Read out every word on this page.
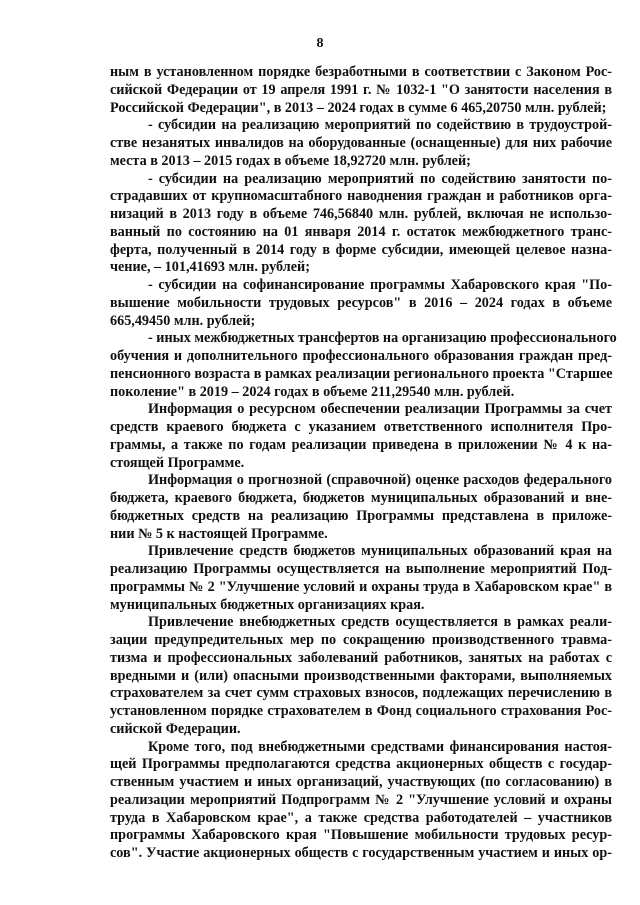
8
ным в установленном порядке безработными в соответствии с Законом Рос-
сийской Федерации от 19 апреля 1991 г. № 1032-1 "О занятости населения в
Российской Федерации", в 2013 – 2024 годах в сумме 6 465,20750 млн. рублей;
- субсидии на реализацию мероприятий по содействию в трудоустрой-
стве незанятых инвалидов на оборудованные (оснащенные) для них рабочие
места в 2013 – 2015 годах в объеме 18,92720 млн. рублей;
- субсидии на реализацию мероприятий по содействию занятости по-
страдавших от крупномасштабного наводнения граждан и работников орга-
низаций в 2013 году в объеме 746,56840 млн. рублей, включая не использо-
ванный по состоянию на 01 января 2014 г. остаток межбюджетного транс-
ферта, полученный в 2014 году в форме субсидии, имеющей целевое назна-
чение, – 101,41693 млн. рублей;
- субсидии на софинансирование программы Хабаровского края "По-
вышение мобильности трудовых ресурсов" в 2016 – 2024 годах в объеме
665,49450 млн. рублей;
- иных межбюджетных трансфертов на организацию профессионального
обучения и дополнительного профессионального образования граждан пред-
пенсионного возраста в рамках реализации регионального проекта "Старшее
поколение" в 2019 – 2024 годах в объеме 211,29540 млн. рублей.
Информация о ресурсном обеспечении реализации Программы за счет
средств краевого бюджета с указанием ответственного исполнителя Про-
граммы, а также по годам реализации приведена в приложении № 4 к на-
стоящей Программе.
Информация о прогнозной (справочной) оценке расходов федерального
бюджета, краевого бюджета, бюджетов муниципальных образований и вне-
бюджетных средств на реализацию Программы представлена в приложе-
нии № 5 к настоящей Программе.
Привлечение средств бюджетов муниципальных образований края на
реализацию Программы осуществляется на выполнение мероприятий Под-
программы № 2 "Улучшение условий и охраны труда в Хабаровском крае" в
муниципальных бюджетных организациях края.
Привлечение внебюджетных средств осуществляется в рамках реали-
зации предупредительных мер по сокращению производственного травма-
тизма и профессиональных заболеваний работников, занятых на работах с
вредными и (или) опасными производственными факторами, выполняемых
страхователем за счет сумм страховых взносов, подлежащих перечислению в
установленном порядке страхователем в Фонд социального страхования Рос-
сийской Федерации.
Кроме того, под внебюджетными средствами финансирования настоя-
щей Программы предполагаются средства акционерных обществ с государ-
ственным участием и иных организаций, участвующих (по согласованию) в
реализации мероприятий Подпрограмм № 2 "Улучшение условий и охраны
труда в Хабаровском крае", а также средства работодателей – участников
программы Хабаровского края "Повышение мобильности трудовых ресур-
сов". Участие акционерных обществ с государственным участием и иных ор-
